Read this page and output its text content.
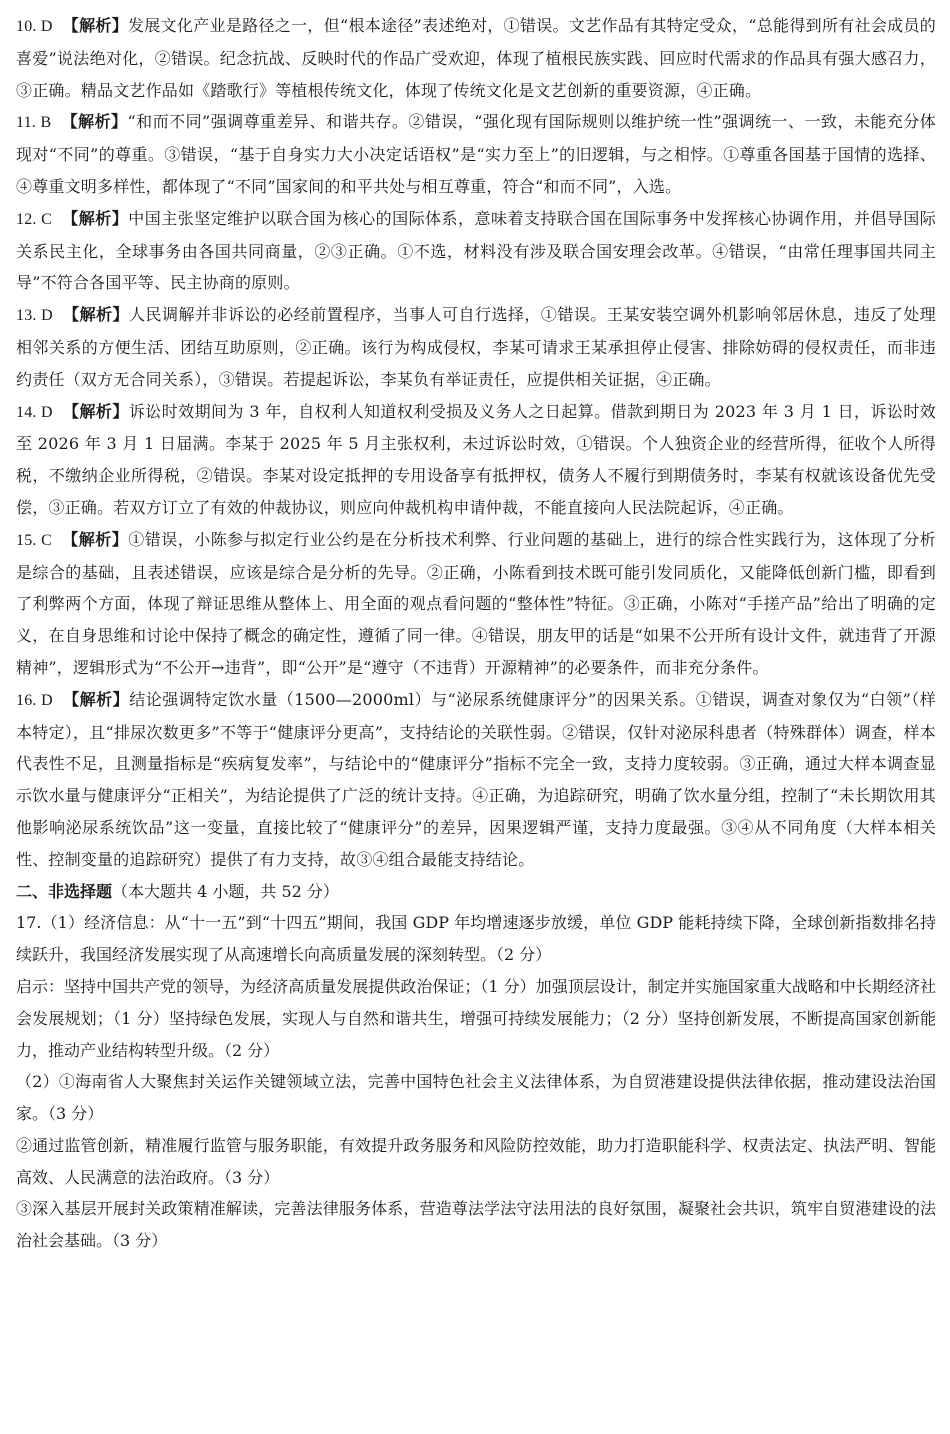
10. D 【解析】发展文化产业是路径之一，但“根本途径”表述绝对，①错误。文艺作品有其特定受众，“总能得到所有社会成员的喜爱”说法绝对化，②错误。纪念抗战、反映时代的作品广受欢迎，体现了植根民族实践、回应时代需求的作品具有强大感召力，③正确。精品文艺作品如《踏歌行》等植根传统文化，体现了传统文化是文艺创新的重要资源，④正确。

11. B 【解析】“和而不同”强调尊重差异、和谐共存。②错误，“强化现有国际规则以维护统一性”强调统一、一致，未能充分体现对“不同”的尊重。③错误，“基于自身实力大小决定话语权”是“实力至上”的旧逻辑，与之相悖。①尊重各国基于国情的选择、④尊重文明多样性，都体现了“不同”国家间的和平共处与相互尊重，符合“和而不同”，入选。

12. C 【解析】中国主张坚定维护以联合国为核心的国际体系，意味着支持联合国在国际事务中发挥核心协调作用，并倡导国际关系民主化，全球事务由各国共同商量，②③正确。①不选，材料没有涉及联合国安理会改革。④错误，“由常任理事国共同主导”不符合各国平等、民主协商的原则。

13. D 【解析】人民调解并非诉讼的必经前置程序，当事人可自行选择，①错误。王某安装空调外机影响邻居休息，违反了处理相邻关系的方便生活、团结互助原则，②正确。该行为构成侵权，李某可请求王某承担停止侵害、排除妨碍的侵权责任，而非违约责任（双方无合同关系），③错误。若提起诉讼，李某负有举证责任，应提供相关证据，④正确。

14. D 【解析】诉讼时效期间为 3 年，自权利人知道权利受损及义务人之日起算。借款到期日为 2023 年 3 月 1 日，诉讼时效至 2026 年 3 月 1 日届满。李某于 2025 年 5 月主张权利，未过诉讼时效，①错误。个人独资企业的经营所得，征收个人所得税，不缴纳企业所得税，②错误。李某对设定抵押的专用设备享有抵押权，债务人不履行到期债务时，李某有权就该设备优先受偿，③正确。若双方订立了有效的仲裁协议，则应向仲裁机构申请仲裁，不能直接向人民法院起诉，④正确。

15. C 【解析】①错误，小陈参与拟定行业公约是在分析技术利弊、行业问题的基础上，进行的综合性实践行为，这体现了分析是综合的基础，且表述错误，应该是综合是分析的先导。②正确，小陈看到技术既可能引发同质化，又能降低创新门槛，即看到了利弊两个方面，体现了辩证思维从整体上、用全面的观点看问题的“整体性”特征。③正确，小陈对“手搓产品”给出了明确的定义，在自身思维和讨论中保持了概念的确定性，遵循了同一律。④错误，朋友甲的话是“如果不公开所有设计文件，就违背了开源精神”，逻辑形式为“不公开→违背”，即“公开”是“遵守（不违背）开源精神”的必要条件，而非充分条件。

16. D 【解析】结论强调特定饮水量（1500—2000ml）与“泌尿系统健康评分”的因果关系。①错误，调查对象仅为“白领”（样本特定），且“排尿次数更多”不等于“健康评分更高”，支持结论的关联性弱。②错误，仅针对泌尿科患者（特殊群体）调查，样本代表性不足，且测量指标是“疾病复发率”，与结论中的“健康评分”指标不完全一致，支持力度较弱。③正确，通过大样本调查显示饮水量与健康评分“正相关”，为结论提供了广泛的统计支持。④正确，为追踪研究，明确了饮水量分组，控制了“未长期饮用其他影响泌尿系统饮品”这一变量，直接比较了“健康评分”的差异，因果逻辑严谨，支持力度最强。③④从不同角度（大样本相关性、控制变量的追踪研究）提供了有力支持，故③④组合最能支持结论。

二、非选择题（本大题共 4 小题，共 52 分）

17.（1）经济信息：从“十一五”到“十四五”期间，我国 GDP 年均增速逐步放缓，单位 GDP 能耗持续下降，全球创新指数排名持续跃升，我国经济发展实现了从高速增长向高质量发展的深刻转型。（2 分）

启示：坚持中国共产党的领导，为经济高质量发展提供政治保证；（1 分）加强顶层设计，制定并实施国家重大战略和中长期经济社会发展规划；（1 分）坚持绿色发展，实现人与自然和谐共生，增强可持续发展能力；（2 分）坚持创新发展，不断提高国家创新能力，推动产业结构转型升级。（2 分）

（2）①海南省人大聚焦封关运作关键领域立法，完善中国特色社会主义法律体系，为自贸港建设提供法律依据，推动建设法治国家。（3 分）

②通过监管创新，精准履行监管与服务职能，有效提升政务服务和风险防控效能，助力打造职能科学、权责法定、执法严明、智能高效、人民满意的法治政府。（3 分）

③深入基层开展封关政策精准解读，完善法律服务体系，营造尊法学法守法用法的良好氛围，凝聚社会共识，筑牢自贸港建设的法治社会基础。（3 分）
